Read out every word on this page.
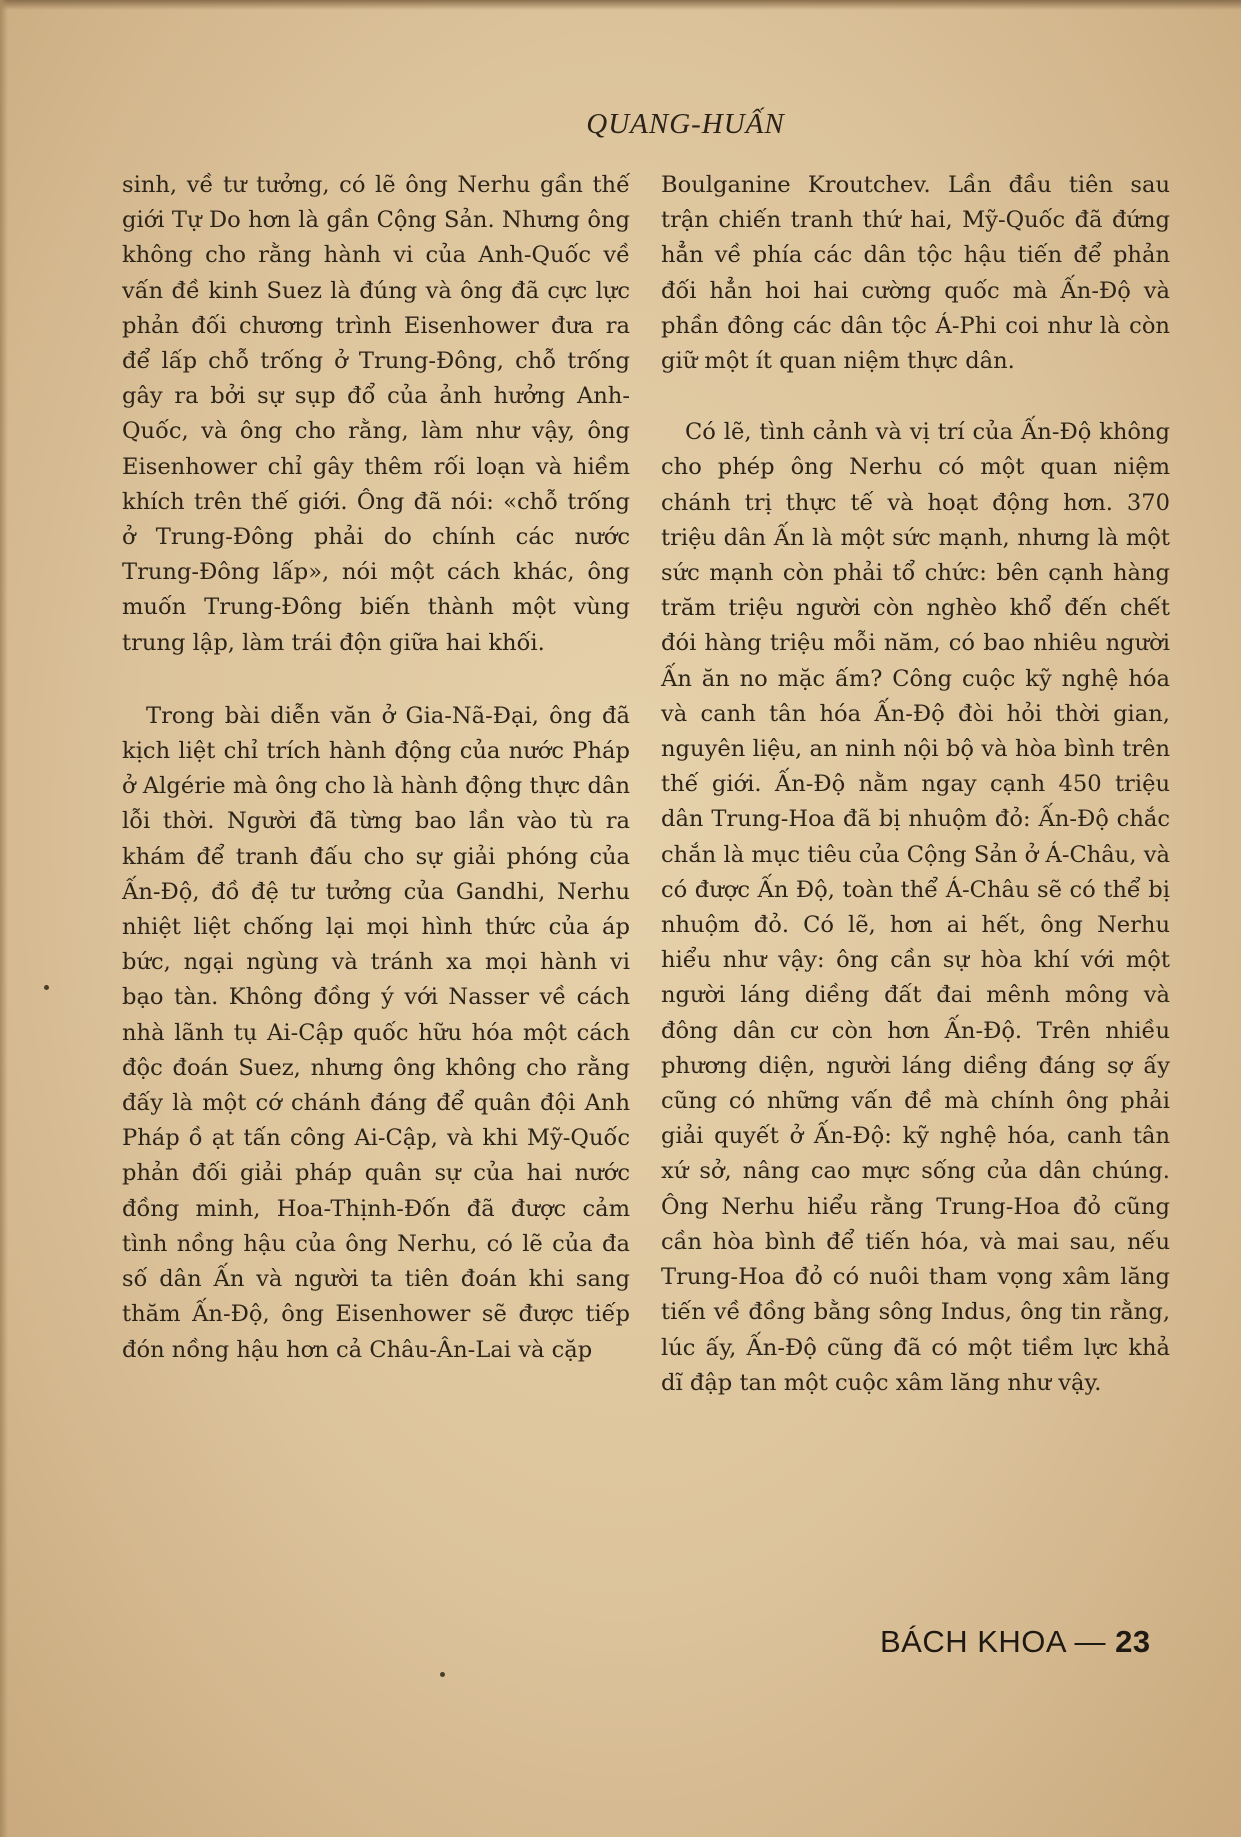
QUANG-HUẤN

sinh, về tư tưởng, có lẽ ông Nerhu gần thế giới Tự Do hơn là gần Cộng Sản. Nhưng ông không cho rằng hành vi của Anh-Quốc về vấn đề kinh Suez là đúng và ông đã cực lực phản đối chương trình Eisenhower đưa ra để lấp chỗ trống ở Trung-Đông, chỗ trống gây ra bởi sự sụp đổ của ảnh hưởng Anh-Quốc, và ông cho rằng, làm như vậy, ông Eisenhower chỉ gây thêm rối loạn và hiềm khích trên thế giới. Ông đã nói: «chỗ trống ở Trung-Đông phải do chính các nước Trung-Đông lấp», nói một cách khác, ông muốn Trung-Đông biến thành một vùng trung lập, làm trái độn giữa hai khối.

Trong bài diễn văn ở Gia-Nã-Đại, ông đã kịch liệt chỉ trích hành động của nước Pháp ở Algérie mà ông cho là hành động thực dân lỗi thời. Người đã từng bao lần vào tù ra khám để tranh đấu cho sự giải phóng của Ấn-Độ, đồ đệ tư tưởng của Gandhi, Nerhu nhiệt liệt chống lại mọi hình thức của áp bức, ngại ngùng và tránh xa mọi hành vi bạo tàn. Không đồng ý với Nasser về cách nhà lãnh tụ Ai-Cập quốc hữu hóa một cách độc đoán Suez, nhưng ông không cho rằng đấy là một cớ chánh đáng để quân đội Anh Pháp ồ ạt tấn công Ai-Cập, và khi Mỹ-Quốc phản đối giải pháp quân sự của hai nước đồng minh, Hoa-Thịnh-Đốn đã được cảm tình nồng hậu của ông Nerhu, có lẽ của đa số dân Ấn và người ta tiên đoán khi sang thăm Ấn-Độ, ông Eisenhower sẽ được tiếp đón nồng hậu hơn cả Châu-Ân-Lai và cặp

Boulganine Kroutchev. Lần đầu tiên sau trận chiến tranh thứ hai, Mỹ-Quốc đã đứng hẳn về phía các dân tộc hậu tiến để phản đối hẳn hoi hai cường quốc mà Ấn-Độ và phần đông các dân tộc Á-Phi coi như là còn giữ một ít quan niệm thực dân.

Có lẽ, tình cảnh và vị trí của Ấn-Độ không cho phép ông Nerhu có một quan niệm chánh trị thực tế và hoạt động hơn. 370 triệu dân Ấn là một sức mạnh, nhưng là một sức mạnh còn phải tổ chức: bên cạnh hàng trăm triệu người còn nghèo khổ đến chết đói hàng triệu mỗi năm, có bao nhiêu người Ấn ăn no mặc ấm? Công cuộc kỹ nghệ hóa và canh tân hóa Ấn-Độ đòi hỏi thời gian, nguyên liệu, an ninh nội bộ và hòa bình trên thế giới. Ấn-Độ nằm ngay cạnh 450 triệu dân Trung-Hoa đã bị nhuộm đỏ: Ấn-Độ chắc chắn là mục tiêu của Cộng Sản ở Á-Châu, và có được Ấn Độ, toàn thể Á-Châu sẽ có thể bị nhuộm đỏ. Có lẽ, hơn ai hết, ông Nerhu hiểu như vậy: ông cần sự hòa khí với một người láng diềng đất đai mênh mông và đông dân cư còn hơn Ấn-Độ. Trên nhiều phương diện, người láng diềng đáng sợ ấy cũng có những vấn đề mà chính ông phải giải quyết ở Ấn-Độ: kỹ nghệ hóa, canh tân xứ sở, nâng cao mực sống của dân chúng. Ông Nerhu hiểu rằng Trung-Hoa đỏ cũng cần hòa bình để tiến hóa, và mai sau, nếu Trung-Hoa đỏ có nuôi tham vọng xâm lăng tiến về đồng bằng sông Indus, ông tin rằng, lúc ấy, Ấn-Độ cũng đã có một tiềm lực khả dĩ đập tan một cuộc xâm lăng như vậy.

BÁCH KHOA — 23
